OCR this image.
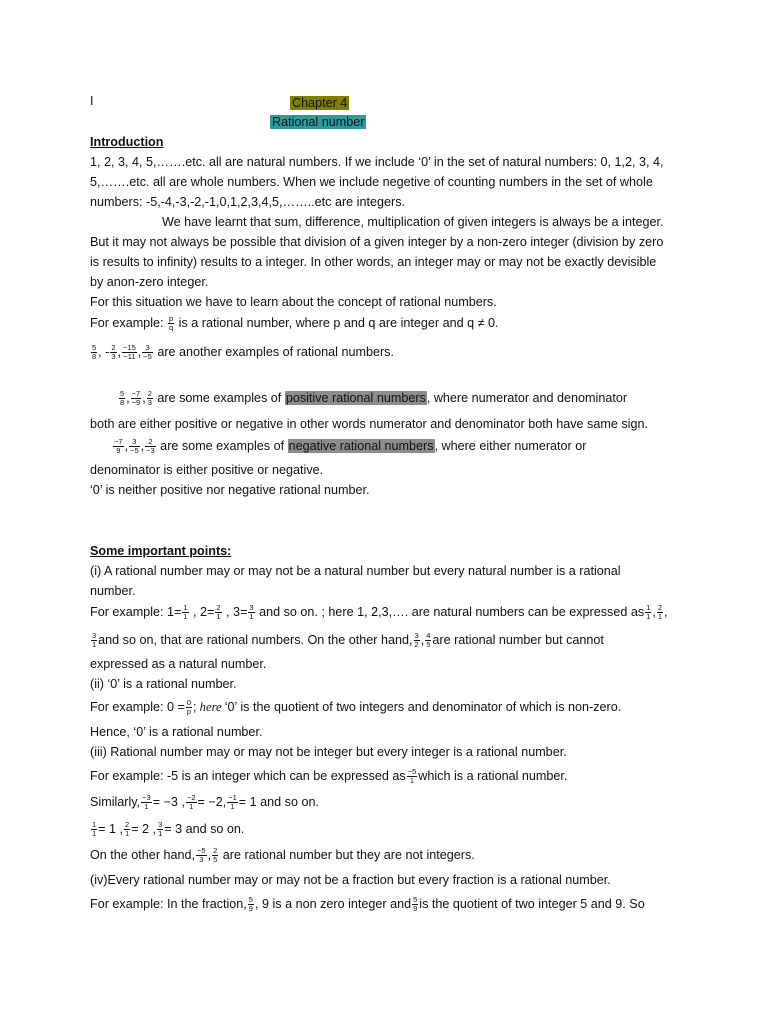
I	Chapter 4
Rational number
Introduction
1, 2, 3, 4, 5,…….etc. all are natural numbers. If we include ‘0’ in the set of natural numbers: 0, 1,2, 3, 4,
5,…….etc. all are whole numbers. When we include negetive of counting numbers in the set of whole
numbers: -5,-4,-3,-2,-1,0,1,2,3,4,5,……..etc are integers.
We have learnt that sum, difference, multiplication of given integers is always be a integer.
But it may not always be possible that division of a given integer by a non-zero integer (division by zero
is results to infinity) results to a integer. In other words, an integer may or may not be exactly devisible
by anon-zero integer.
For this situation we have to learn about the concept of rational numbers.
For example: $\frac{p}{q}$ is a rational number, where p and q are integer and q ≠ 0.
$\frac{5}{8}$ , - $\frac{2}{3}$ , $\frac{-15}{-11}$ , $\frac{3}{-5}$ are another examples of rational numbers.
$\frac{5}{8}$ , $\frac{-7}{-9}$ , $\frac{2}{3}$ are some examples of positive rational numbers, where numerator and denominator
both are either positive or negative in other words numerator and denominator both have same sign.
$\frac{-7}{9}$ , $\frac{3}{-5}$ , $\frac{2}{-3}$ are some examples of negative rational numbers, where either numerator or
denominator is either positive or negative.
‘0’ is neither positive nor negative rational number.
Some important points:
(i) A rational number may or may not be a natural number but every natural number is a rational
number.
For example: $1= \frac{1}{1}$ , $2= \frac{2}{1}$ , $3= \frac{3}{1}$ and so on. ; here 1, 2,3,…. are natural numbers can be expressed as $\frac{1}{1}$ , $\frac{2}{1}$ ,
$\frac{3}{1}$ and so on, that are rational numbers. On the other hand, $\frac{3}{2}$ , $\frac{4}{5}$ are rational number but cannot
expressed as a natural number.
(ii) ‘0’ is a rational number.
For example: $0 = \frac{0}{p}$ ; here ‘0’ is the quotient of two integers and denominator of which is non-zero.
Hence, ‘0’ is a rational number.
(iii) Rational number may or may not be integer but every integer is a rational number.
For example: -5 is an integer which can be expressed as $\frac{-5}{1}$ which is a rational number.
Similarly, $\frac{-3}{1} = -3$ , $\frac{-2}{1} = -2$, $\frac{-1}{1} = 1$ and so on.
$\frac{1}{1} = 1$ , $\frac{2}{1} = 2$ , $\frac{3}{1} = 3$ and so on.
On the other hand, $\frac{-5}{3}$ , $\frac{2}{5}$ are rational number but they are not integers.
(iv)Every rational number may or may not be a fraction but every fraction is a rational number.
For example: In the fraction, $\frac{5}{9}$ , 9 is a non zero integer and $\frac{5}{9}$ is the quotient of two integer 5 and 9. So
